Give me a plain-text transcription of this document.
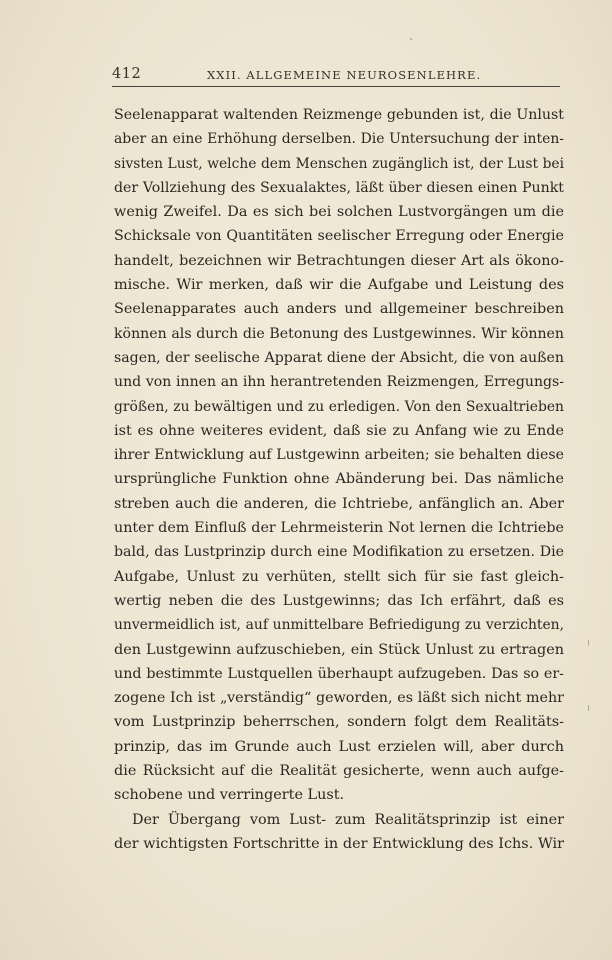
412	XXII. ALLGEMEINE NEUROSENLEHRE.
Seelenapparat waltenden Reizmenge gebunden ist, die Unlust
aber an eine Erhöhung derselben. Die Untersuchung der inten-
sivsten Lust, welche dem Menschen zugänglich ist, der Lust bei
der Vollziehung des Sexualaktes, läßt über diesen einen Punkt
wenig Zweifel. Da es sich bei solchen Lustvorgängen um die
Schicksale von Quantitäten seelischer Erregung oder Energie
handelt, bezeichnen wir Betrachtungen dieser Art als ökono-
mische. Wir merken, daß wir die Aufgabe und Leistung des
Seelenapparates auch anders und allgemeiner beschreiben
können als durch die Betonung des Lustgewinnes. Wir können
sagen, der seelische Apparat diene der Absicht, die von außen
und von innen an ihn herantretenden Reizmengen, Erregungs-
größen, zu bewältigen und zu erledigen. Von den Sexualtrieben
ist es ohne weiteres evident, daß sie zu Anfang wie zu Ende
ihrer Entwicklung auf Lustgewinn arbeiten; sie behalten diese
ursprüngliche Funktion ohne Abänderung bei. Das nämliche
streben auch die anderen, die Ichtriebe, anfänglich an. Aber
unter dem Einfluß der Lehrmeisterin Not lernen die Ichtriebe
bald, das Lustprinzip durch eine Modifikation zu ersetzen. Die
Aufgabe, Unlust zu verhüten, stellt sich für sie fast gleich-
wertig neben die des Lustgewinns; das Ich erfährt, daß es
unvermeidlich ist, auf unmittelbare Befriedigung zu verzichten,
den Lustgewinn aufzuschieben, ein Stück Unlust zu ertragen
und bestimmte Lustquellen überhaupt aufzugeben. Das so er-
zogene Ich ist „verständig“ geworden, es läßt sich nicht mehr
vom Lustprinzip beherrschen, sondern folgt dem Realitäts-
prinzip, das im Grunde auch Lust erzielen will, aber durch
die Rücksicht auf die Realität gesicherte, wenn auch aufge-
schobene und verringerte Lust.
Der Übergang vom Lust- zum Realitätsprinzip ist einer
der wichtigsten Fortschritte in der Entwicklung des Ichs. Wir
